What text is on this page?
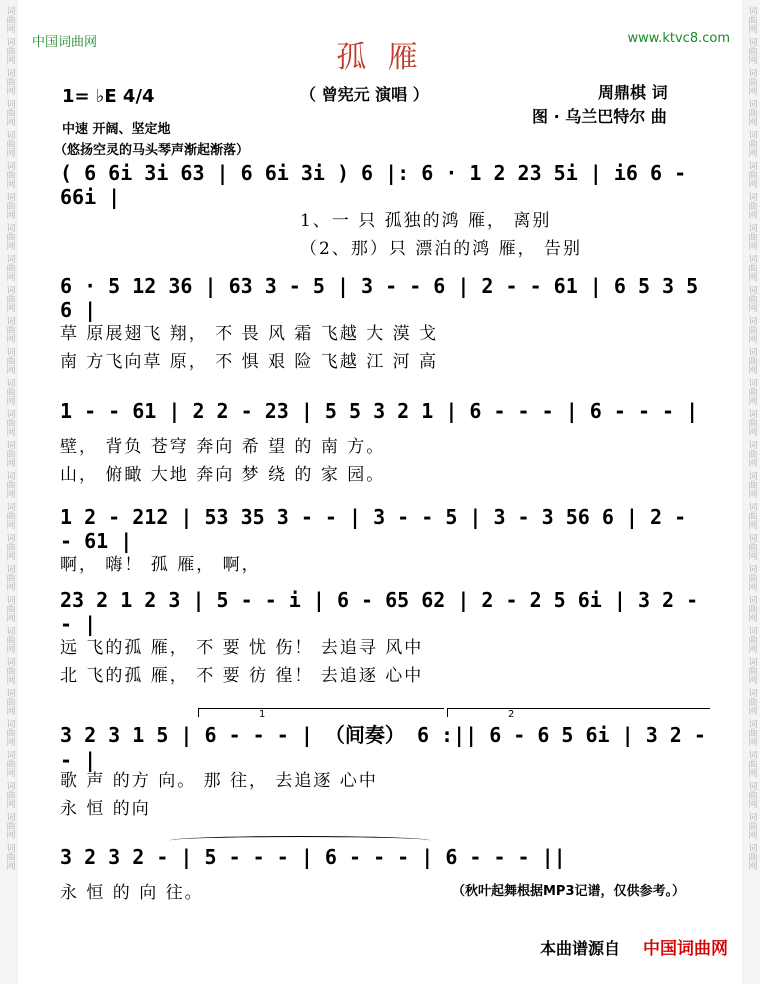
词曲网
词曲网
词曲网
词曲网
词曲网
词曲网
词曲网
词曲网
词曲网
词曲网
词曲网
词曲网
词曲网
词曲网
词曲网
词曲网
词曲网
词曲网
词曲网
词曲网
词曲网
词曲网
词曲网
词曲网
词曲网
词曲网
词曲网
词曲网
词曲网
词曲网
词曲网
词曲网
词曲网
词曲网
词曲网
词曲网
词曲网
词曲网
词曲网
词曲网
词曲网
词曲网
词曲网
词曲网
词曲网
词曲网
词曲网
词曲网
词曲网
词曲网
词曲网
词曲网
词曲网
词曲网
词曲网
词曲网
中国词曲网	www.ktvc8.com
孤 雁
（ 曾宪元 演唱 ）	周鼎棋 词
图 · 乌兰巴特尔 曲
1= ♭E 4/4
中速 开阔、坚定地
（悠扬空灵的马头琴声渐起渐落）
( 6 6i 3i 63 | 6 6i 3i ) 6 |: 6 · 1 2 23 5i | i6 6 - 66i |
1、一 只 孤独的鸿 雁， 离别
（2、那）只 漂泊的鸿 雁， 告别
6 · 5 12 36 | 63 3 - 5 | 3 - - 6 | 2 - - 61 | 6 5 3 5 6 |
草 原展翅飞 翔， 不 畏 风 霜 飞越 大 漠 戈
南 方飞向草 原， 不 惧 艰 险 飞越 江 河 高
1 - - 61 | 2 2 - 23 | 5 5 3 2 1 | 6 - - - | 6 - - - |
壁， 背负 苍穹 奔向 希 望 的 南 方。
山， 俯瞰 大地 奔向 梦 绕 的 家 园。
1 2 - 212 | 53 35 3 - - | 3 - - 5 | 3 - 3 56 6 | 2 - - 61 |
啊， 嗨！ 孤 雁， 啊，
23 2 1 2 3 | 5 - - i | 6 - 65 62 | 2 - 2 5 6i | 3 2 - - |
远 飞的孤 雁， 不 要 忧 伤！ 去追寻 风中
北 飞的孤 雁， 不 要 彷 徨！ 去追逐 心中
1	2
3 2 3 1 5 | 6 - - - | （间奏） 6 :|| 6 - 6 5 6i | 3 2 - - |
歌 声 的方 向。 那 往， 去追逐 心中
永 恒 的向
3 2 3 2 - | 5 - - - | 6 - - - | 6 - - - ||
永 恒 的 向 往。	（秋叶起舞根据MP3记谱，仅供参考。）
本曲谱源自 中国词曲网
